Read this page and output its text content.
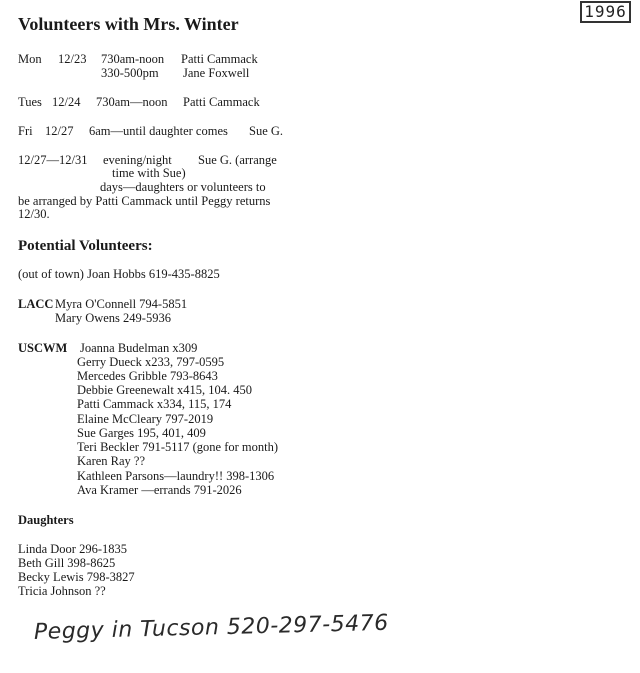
Volunteers with Mrs. Winter
1996
Mon 12/23 730am-noon Patti Cammack
330-500pm Jane Foxwell
Tues 12/24 730am—noon Patti Cammack
Fri 12/27 6am—until daughter comes Sue G.
12/27—12/31 evening/night Sue G. (arrange
time with Sue)
days—daughters or volunteers to
be arranged by Patti Cammack until Peggy returns
12/30.
Potential Volunteers:
(out of town) Joan Hobbs 619-435-8825
LACC Myra O'Connell 794-5851
Mary Owens 249-5936
USCWM Joanna Budelman x309
Gerry Dueck x233, 797-0595
Mercedes Gribble 793-8643
Debbie Greenewalt x415, 104. 450
Patti Cammack x334, 115, 174
Elaine McCleary 797-2019
Sue Garges 195, 401, 409
Teri Beckler 791-5117 (gone for month)
Karen Ray ??
Kathleen Parsons—laundry!! 398-1306
Ava Kramer —errands 791-2026
Daughters
Linda Door 296-1835
Beth Gill 398-8625
Becky Lewis 798-3827
Tricia Johnson ??
Peggy in Tucson 520-297-5476
